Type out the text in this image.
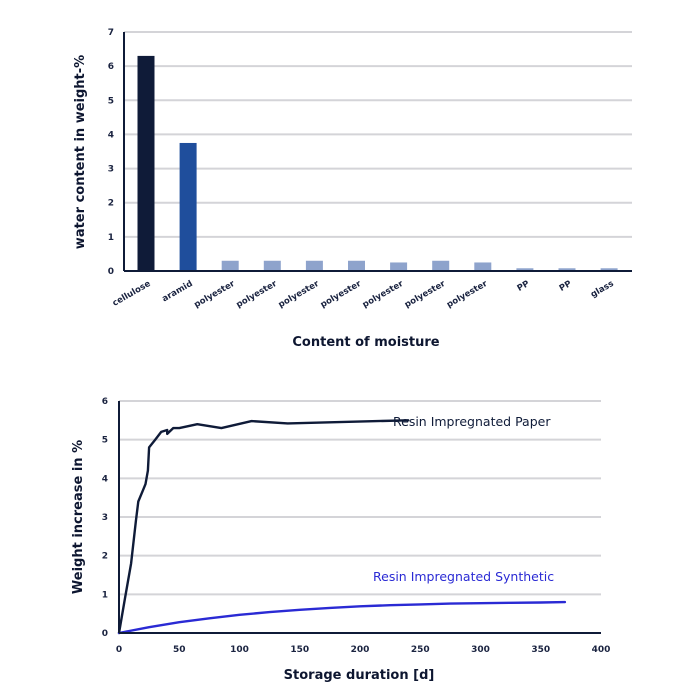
0
1
2
3
4
5
6
7
cellulose aramid
polyester
polyester
polyester
polyester
polyester
polyester
polyester	PP	PP glass
water content in weight-%
Content of moisture
0
1
2
3
4
5
6
0	50	100	150	200	250	300	350	400
Weight increase in %
Storage duration [d]
Resin Impregnated Paper
Resin Impregnated Synthetic
